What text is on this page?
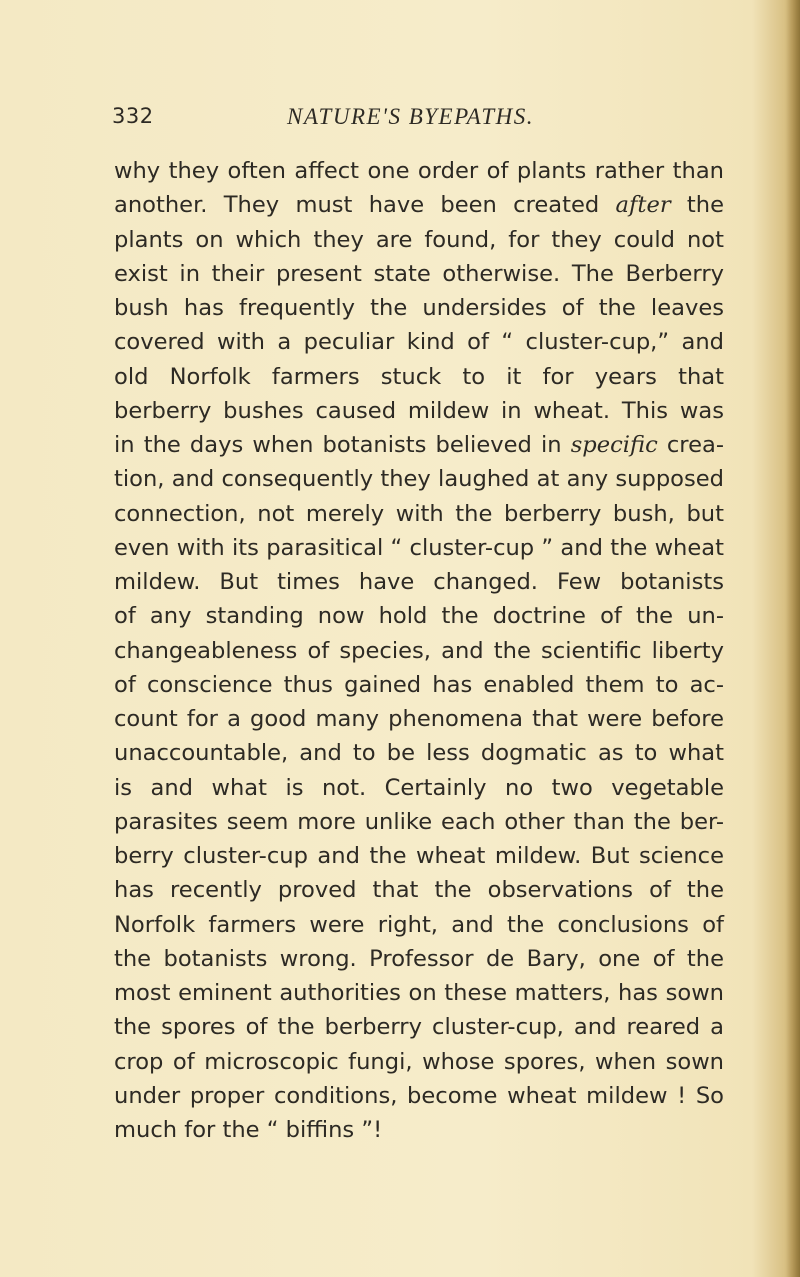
332	NATURE'S BYEPATHS.
why they often affect one order of plants rather than
another. They must have been created after the
plants on which they are found, for they could not
exist in their present state otherwise. The Berberry
bush has frequently the undersides of the leaves
covered with a peculiar kind of “ cluster-cup,” and
old Norfolk farmers stuck to it for years that
berberry bushes caused mildew in wheat. This was
in the days when botanists believed in specific crea-
tion, and consequently they laughed at any supposed
connection, not merely with the berberry bush, but
even with its parasitical “ cluster-cup ” and the wheat
mildew. But times have changed. Few botanists
of any standing now hold the doctrine of the un-
changeableness of species, and the scientific liberty
of conscience thus gained has enabled them to ac-
count for a good many phenomena that were before
unaccountable, and to be less dogmatic as to what
is and what is not. Certainly no two vegetable
parasites seem more unlike each other than the ber-
berry cluster-cup and the wheat mildew. But science
has recently proved that the observations of the
Norfolk farmers were right, and the conclusions of
the botanists wrong. Professor de Bary, one of the
most eminent authorities on these matters, has sown
the spores of the berberry cluster-cup, and reared a
crop of microscopic fungi, whose spores, when sown
under proper conditions, become wheat mildew ! So
much for the “ biffins ”!
